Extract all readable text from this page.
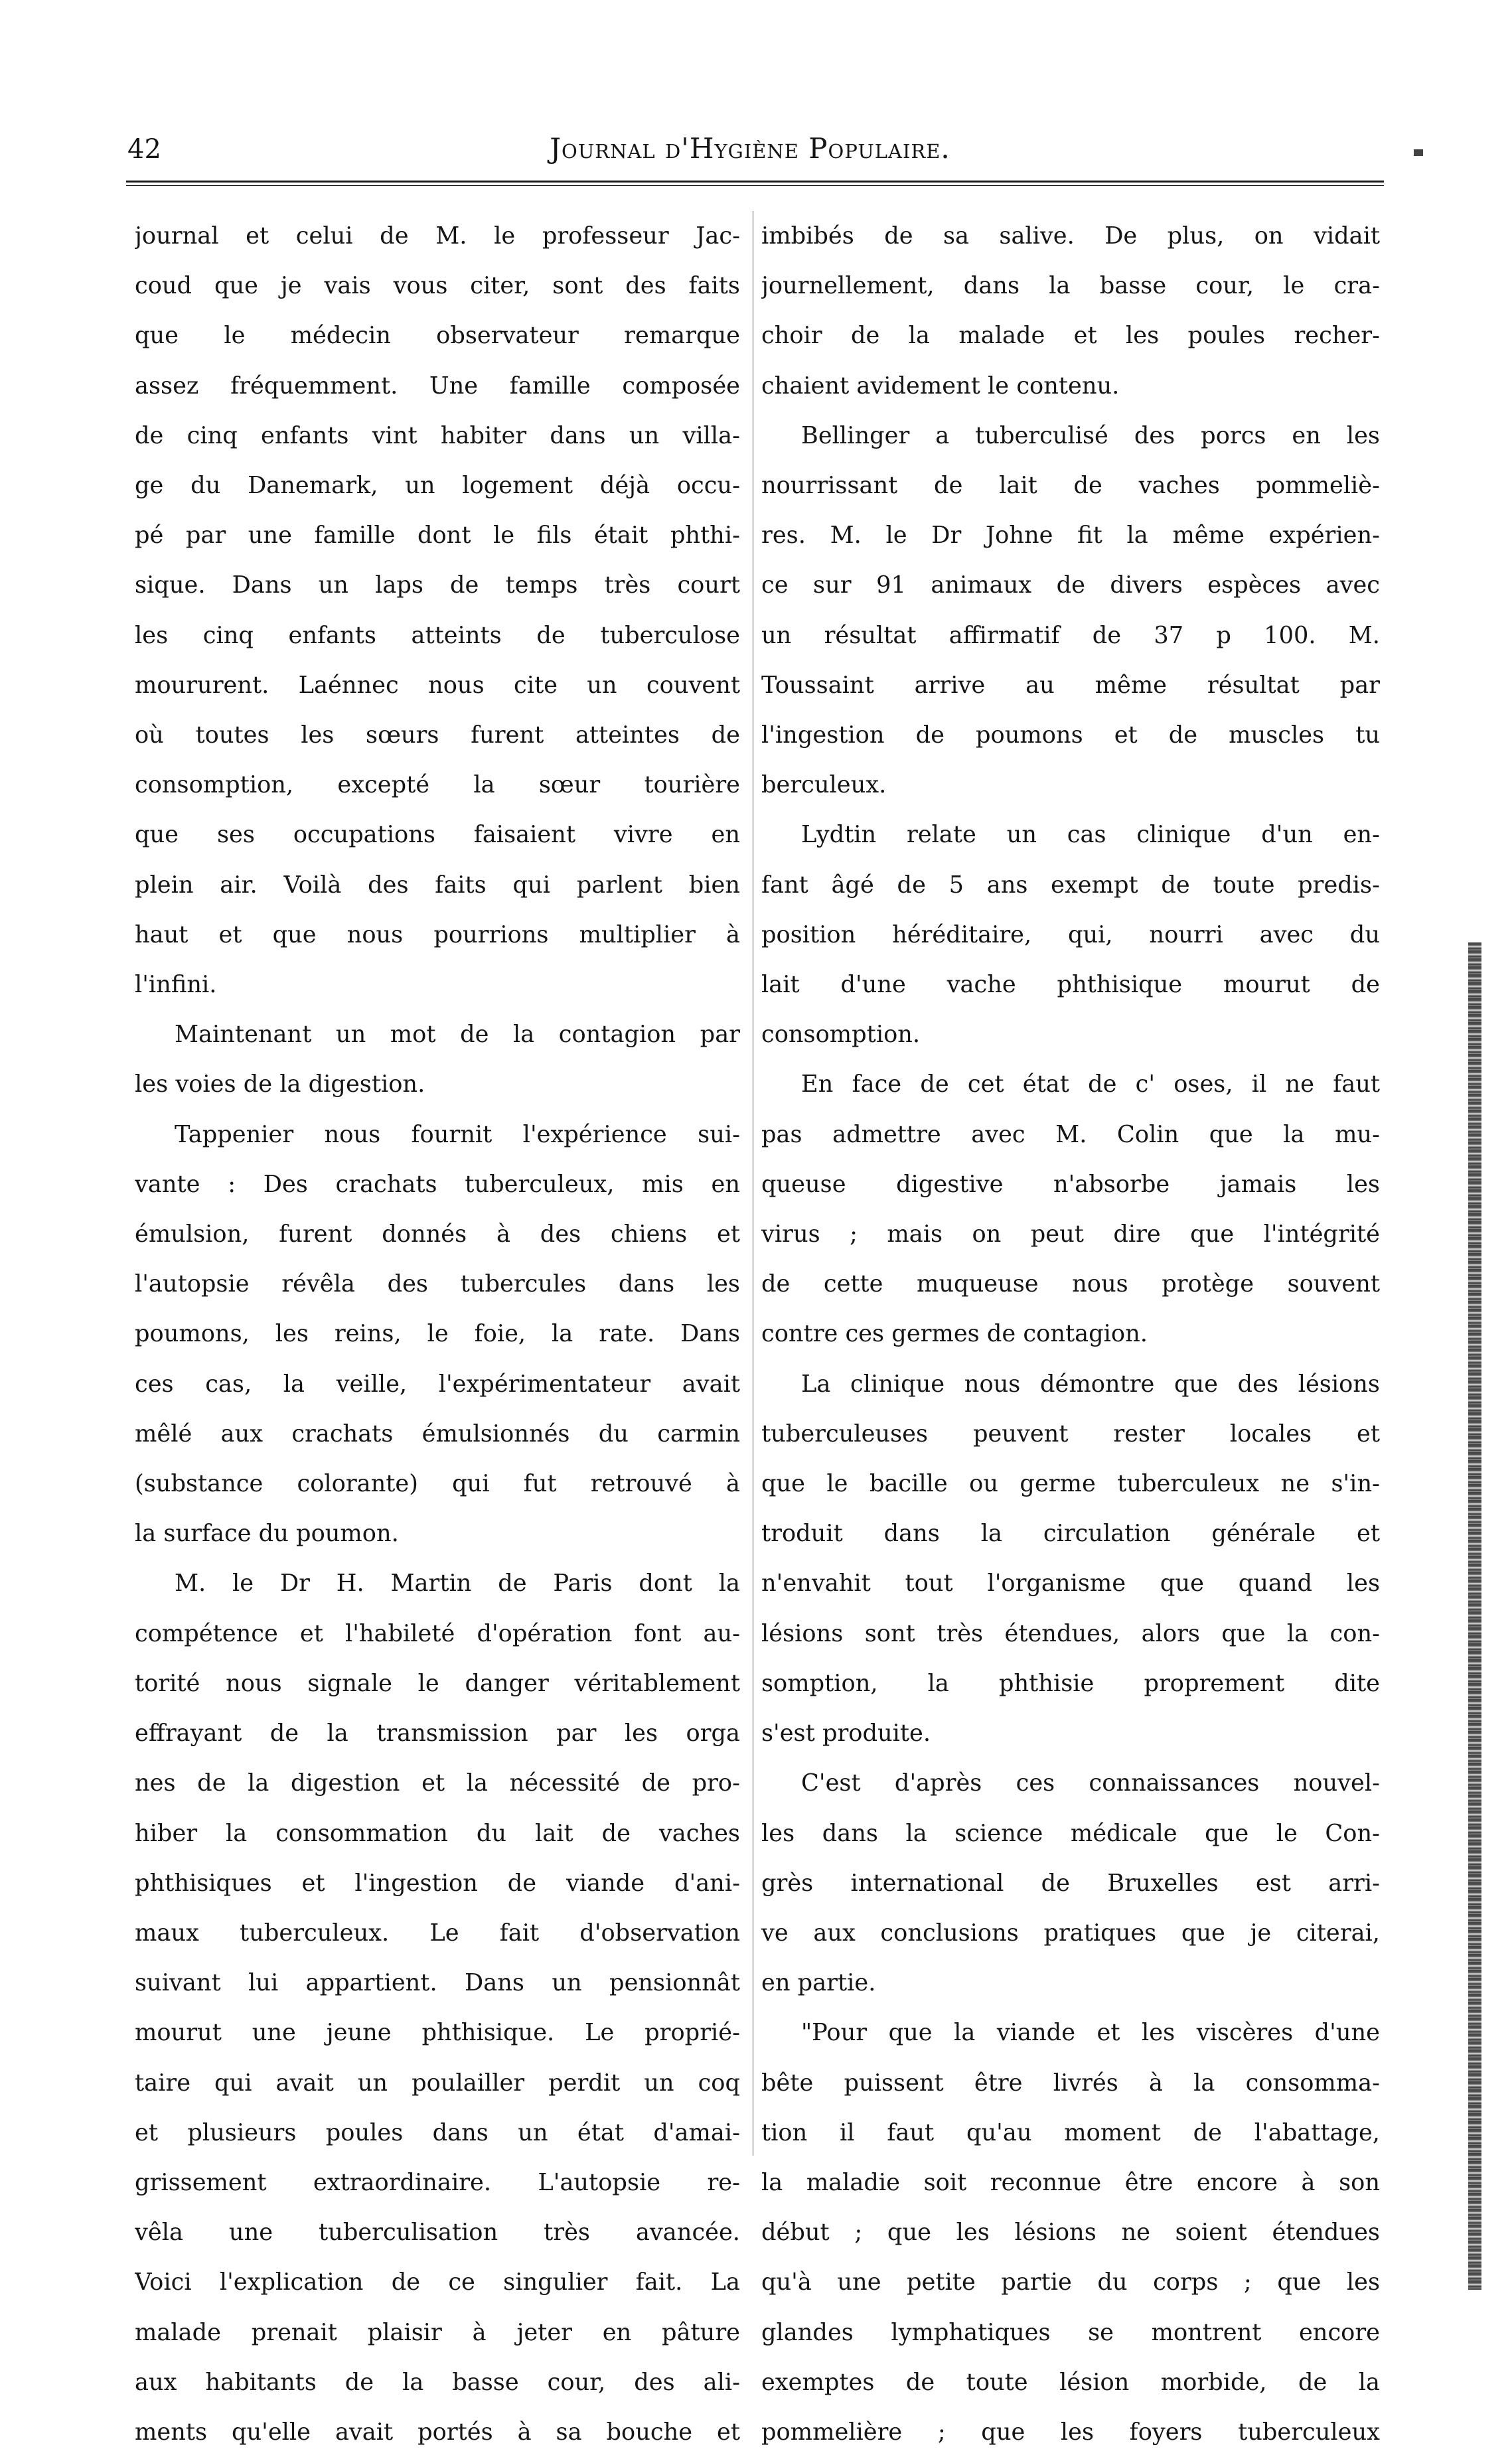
42	Journal d'Hygiène Populaire.
journal et celui de M. le professeur Jac-
coud que je vais vous citer, sont des faits
que le médecin observateur remarque
assez fréquemment. Une famille composée
de cinq enfants vint habiter dans un villa-
ge du Danemark, un logement déjà occu-
pé par une famille dont le fils était phthi-
sique. Dans un laps de temps très court
les cinq enfants atteints de tuberculose
moururent. Laénnec nous cite un couvent
où toutes les sœurs furent atteintes de
consomption, excepté la sœur tourière
que ses occupations faisaient vivre en
plein air. Voilà des faits qui parlent bien
haut et que nous pourrions multiplier à
l'infini.
Maintenant un mot de la contagion par
les voies de la digestion.
Tappenier nous fournit l'expérience sui-
vante : Des crachats tuberculeux, mis en
émulsion, furent donnés à des chiens et
l'autopsie révêla des tubercules dans les
poumons, les reins, le foie, la rate. Dans
ces cas, la veille, l'expérimentateur avait
mêlé aux crachats émulsionnés du carmin
(substance colorante) qui fut retrouvé à
la surface du poumon.
M. le Dr H. Martin de Paris dont la
compétence et l'habileté d'opération font au-
torité nous signale le danger véritablement
effrayant de la transmission par les orga
nes de la digestion et la nécessité de pro-
hiber la consommation du lait de vaches
phthisiques et l'ingestion de viande d'ani-
maux tuberculeux. Le fait d'observation
suivant lui appartient. Dans un pensionnât
mourut une jeune phthisique. Le proprié-
taire qui avait un poulailler perdit un coq
et plusieurs poules dans un état d'amai-
grissement extraordinaire. L'autopsie re-
vêla une tuberculisation très avancée.
Voici l'explication de ce singulier fait. La
malade prenait plaisir à jeter en pâture
aux habitants de la basse cour, des ali-
ments qu'elle avait portés à sa bouche et
imbibés de sa salive. De plus, on vidait
journellement, dans la basse cour, le cra-
choir de la malade et les poules recher-
chaient avidement le contenu.
Bellinger a tuberculisé des porcs en les
nourrissant de lait de vaches pommeliè-
res. M. le Dr Johne fit la même expérien-
ce sur 91 animaux de divers espèces avec
un résultat affirmatif de 37 p 100. M.
Toussaint arrive au même résultat par
l'ingestion de poumons et de muscles tu
berculeux.
Lydtin relate un cas clinique d'un en-
fant âgé de 5 ans exempt de toute predis-
position héréditaire, qui, nourri avec du
lait d'une vache phthisique mourut de
consomption.
En face de cet état de c' oses, il ne faut
pas admettre avec M. Colin que la mu-
queuse digestive n'absorbe jamais les
virus ; mais on peut dire que l'intégrité
de cette muqueuse nous protège souvent
contre ces germes de contagion.
La clinique nous démontre que des lésions
tuberculeuses peuvent rester locales et
que le bacille ou germe tuberculeux ne s'in-
troduit dans la circulation générale et
n'envahit tout l'organisme que quand les
lésions sont très étendues, alors que la con-
somption, la phthisie proprement dite
s'est produite.
C'est d'après ces connaissances nouvel-
les dans la science médicale que le Con-
grès international de Bruxelles est arri-
ve aux conclusions pratiques que je citerai,
en partie.
"Pour que la viande et les viscères d'une
bête puissent être livrés à la consomma-
tion il faut qu'au moment de l'abattage,
la maladie soit reconnue être encore à son
début ; que les lésions ne soient étendues
qu'à une petite partie du corps ; que les
glandes lymphatiques se montrent encore
exemptes de toute lésion morbide, de la
pommelière ; que les foyers tuberculeux
